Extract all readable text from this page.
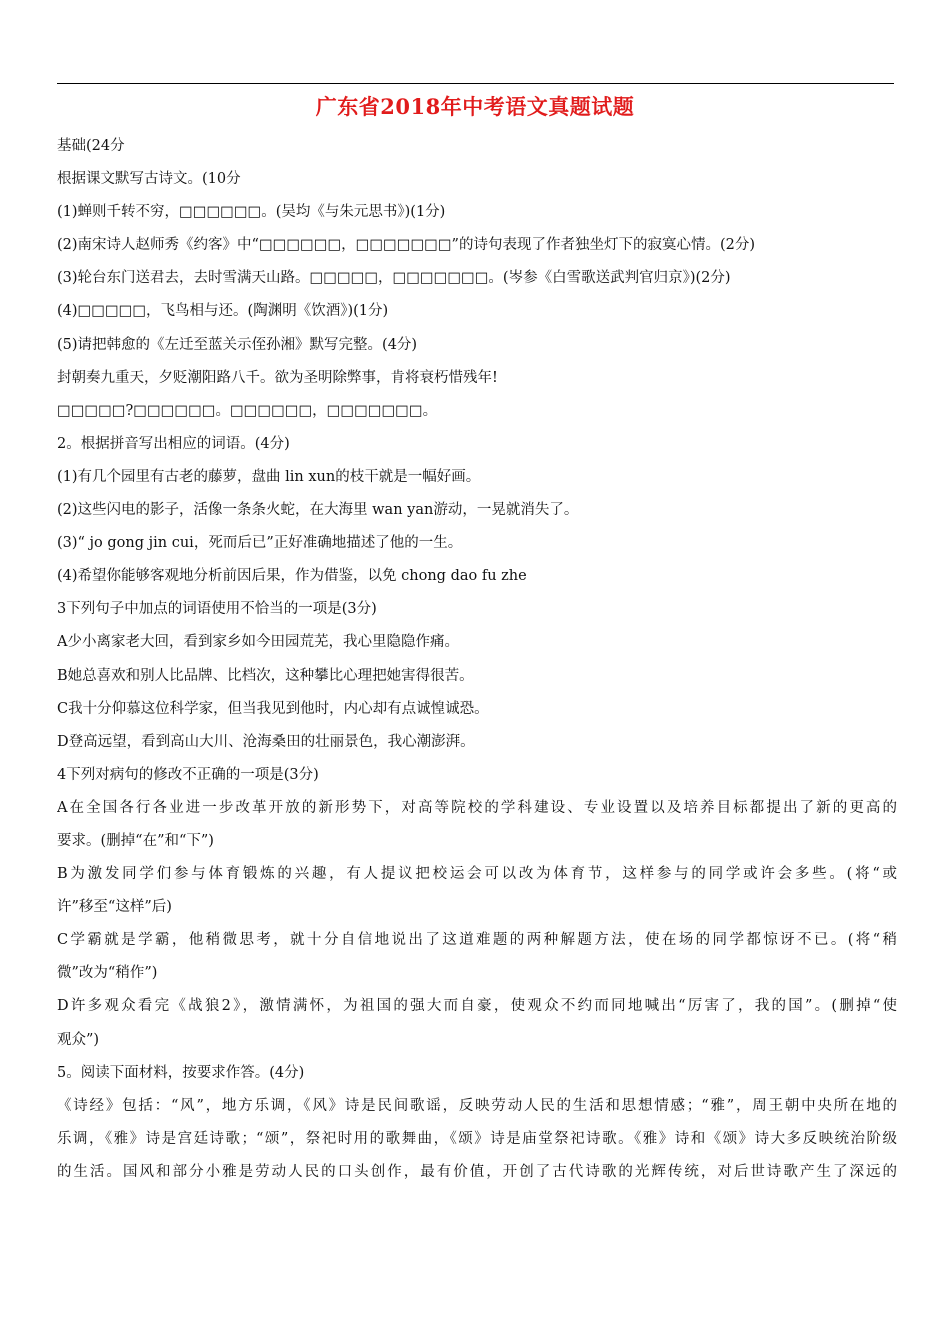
广东省2018年中考语文真题试题
基础(24分
根据课文默写古诗文。(10分
(1)蝉则千转不穷，□□□□□□。(吴均《与朱元思书》)(1分)
(2)南宋诗人赵师秀《约客》中“□□□□□□，□□□□□□□”的诗句表现了作者独坐灯下的寂寞心情。(2分)
(3)轮台东门送君去，去时雪满天山路。□□□□□，□□□□□□□。(岑参《白雪歌送武判官归京》)(2分)
(4)□□□□□，飞鸟相与还。(陶渊明《饮酒》)(1分)
(5)请把韩愈的《左迁至蓝关示侄孙湘》默写完整。(4分)
封朝奏九重天，夕贬潮阳路八千。欲为圣明除弊事，肯将衰朽惜残年!
□□□□□?□□□□□□。□□□□□□，□□□□□□□。
2。根据拼音写出相应的词语。(4分)
(1)有几个园里有古老的藤萝，盘曲 lin xun的枝干就是一幅好画。
(2)这些闪电的影子，活像一条条火蛇，在大海里 wan yan游动，一晃就消失了。
(3)“ jo gong jin cui，死而后已”正好准确地描述了他的一生。
(4)希望你能够客观地分析前因后果，作为借鉴，以免 chong dao fu zhe
3下列句子中加点的词语使用不恰当的一项是(3分)
A少小离家老大回，看到家乡如今田园荒芜，我心里隐隐作痛。
B她总喜欢和别人比品牌、比档次，这种攀比心理把她害得很苦。
C我十分仰慕这位科学家，但当我见到他时，内心却有点诚惶诚恐。
D登高远望，看到高山大川、沧海桑田的壮丽景色，我心潮澎湃。
4下列对病句的修改不正确的一项是(3分)
A在全国各行各业进一步改革开放的新形势下，对高等院校的学科建设、专业设置以及培养目标都提出了新的更高的
要求。(删掉“在”和“下”)
B为激发同学们参与体育锻炼的兴趣，有人提议把校运会可以改为体育节，这样参与的同学或许会多些。(将“或
许”移至“这样”后)
C学霸就是学霸，他稍微思考，就十分自信地说出了这道难题的两种解题方法，使在场的同学都惊讶不已。(将“稍
微”改为“稍作”)
D许多观众看完《战狼2》，激情满怀，为祖国的强大而自豪，使观众不约而同地喊出“厉害了，我的国”。(删掉“使
观众”)
5。阅读下面材料，按要求作答。(4分)
《诗经》包括：“风”，地方乐调，《风》诗是民间歌谣，反映劳动人民的生活和思想情感；“雅”，周王朝中央所在地的
乐调，《雅》诗是宫廷诗歌；“颂”，祭祀时用的歌舞曲，《颂》诗是庙堂祭祀诗歌。《雅》诗和《颂》诗大多反映统治阶级
的生活。国风和部分小雅是劳动人民的口头创作，最有价值，开创了古代诗歌的光辉传统，对后世诗歌产生了深远的
